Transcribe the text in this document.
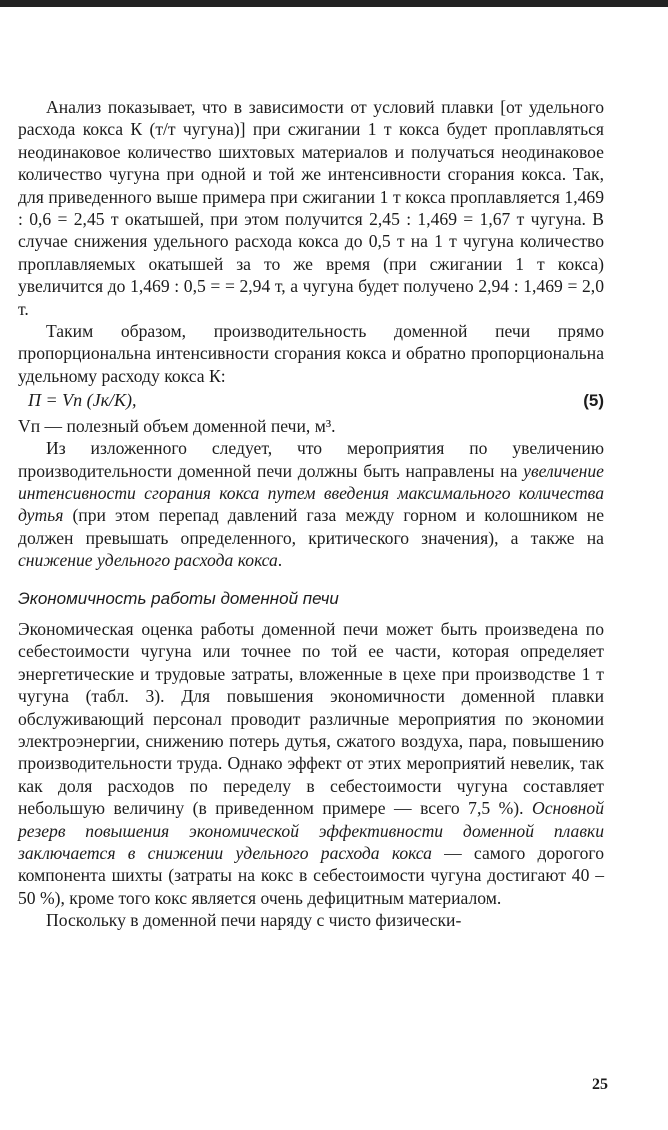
Анализ показывает, что в зависимости от условий плавки [от удельного расхода кокса К (т/т чугуна)] при сжигании 1 т кокса будет проплавляться неодинаковое количество шихтовых материалов и получаться неодинаковое количество чугуна при одной и той же интенсивности сгорания кокса. Так, для приведенного выше примера при сжигании 1 т кокса проплавляется 1,469 : 0,6 = 2,45 т окатышей, при этом получится 2,45 : 1,469 = 1,67 т чугуна. В случае снижения удельного расхода кокса до 0,5 т на 1 т чугуна количество проплавляемых окатышей за то же время (при сжигании 1 т кокса) увеличится до 1,469 : 0,5 = = 2,94 т, а чугуна будет получено 2,94 : 1,469 = 2,0 т.

Таким образом, производительность доменной печи прямо пропорциональна интенсивности сгорания кокса и обратно пропорциональна удельному расходу кокса К:

П = Vп (Jк/К),	(5)

Vп — полезный объем доменной печи, м³.

Из изложенного следует, что мероприятия по увеличению производительности доменной печи должны быть направлены на увеличение интенсивности сгорания кокса путем введения максимального количества дутья (при этом перепад давлений газа между горном и колошником не должен превышать определенного, критического значения), а также на снижение удельного расхода кокса.

Экономичность работы доменной печи

Экономическая оценка работы доменной печи может быть произведена по себестоимости чугуна или точнее по той ее части, которая определяет энергетические и трудовые затраты, вложенные в цехе при производстве 1 т чугуна (табл. 3). Для повышения экономичности доменной плавки обслуживающий персонал проводит различные мероприятия по экономии электроэнергии, снижению потерь дутья, сжатого воздуха, пара, повышению производительности труда. Однако эффект от этих мероприятий невелик, так как доля расходов по переделу в себестоимости чугуна составляет небольшую величину (в приведенном примере — всего 7,5 %). Основной резерв повышения экономической эффективности доменной плавки заключается в снижении удельного расхода кокса — самого дорогого компонента шихты (затраты на кокс в себестоимости чугуна достигают 40 – 50 %), кроме того кокс является очень дефицитным материалом.

Поскольку в доменной печи наряду с чисто физически-

25
